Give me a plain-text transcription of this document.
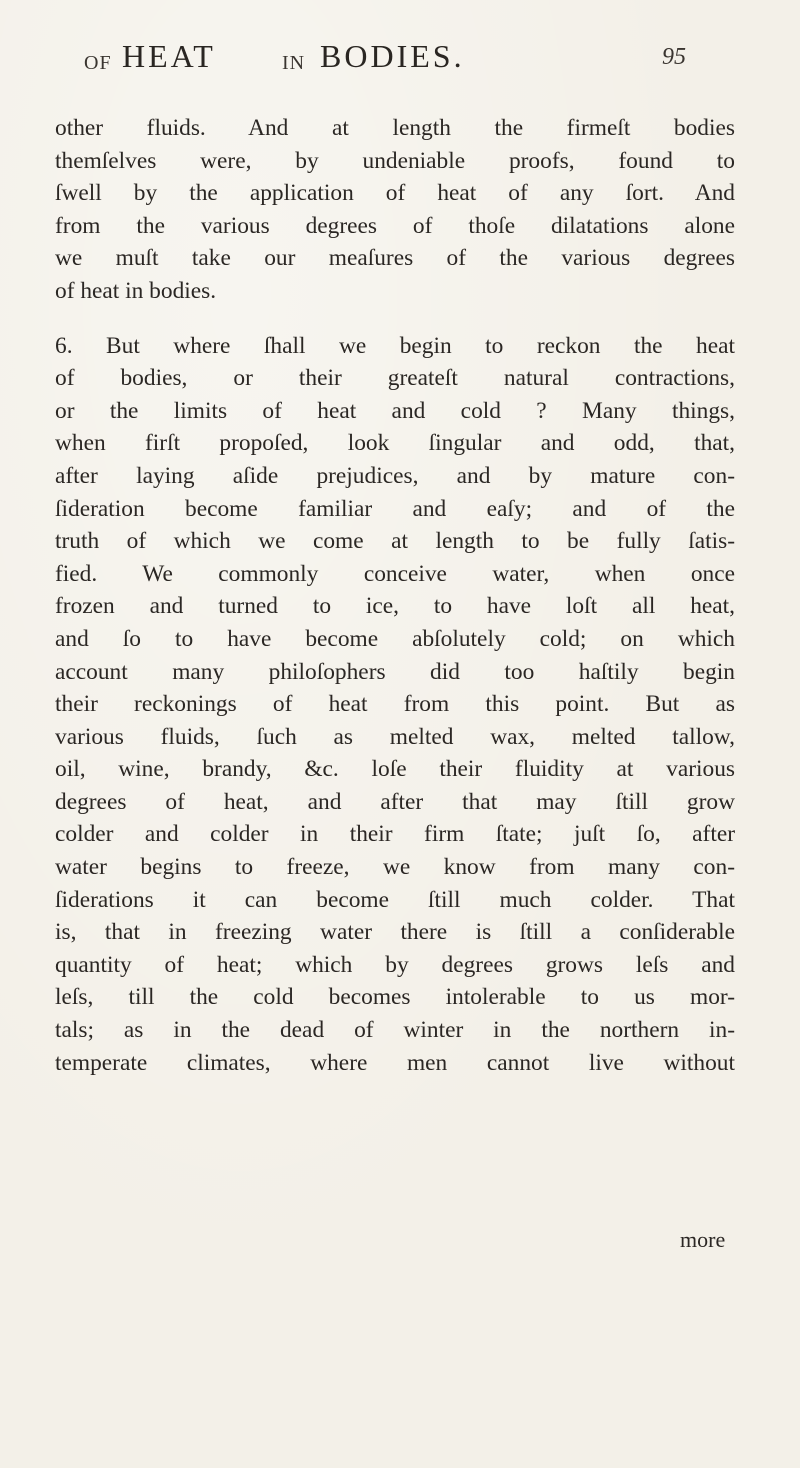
OF HEAT	IN BODIES.	95
other fluids. And at length the firmeſt bodies
themſelves were, by undeniable proofs, found to
ſwell by the application of heat of any ſort. And
from the various degrees of thoſe dilatations alone
we muſt take our meaſures of the various degrees
of heat in bodies.
6. But where ſhall we begin to reckon the heat
of bodies, or their greateſt natural contractions,
or the limits of heat and cold ? Many things,
when firſt propoſed, look ſingular and odd, that,
after laying aſide prejudices, and by mature con-
ſideration become familiar and eaſy; and of the
truth of which we come at length to be fully ſatis-
fied. We commonly conceive water, when once
frozen and turned to ice, to have loſt all heat,
and ſo to have become abſolutely cold; on which
account many philoſophers did too haſtily begin
their reckonings of heat from this point. But as
various fluids, ſuch as melted wax, melted tallow,
oil, wine, brandy, &c. loſe their fluidity at various
degrees of heat, and after that may ſtill grow
colder and colder in their firm ſtate; juſt ſo, after
water begins to freeze, we know from many con-
ſiderations it can become ſtill much colder. That
is, that in freezing water there is ſtill a conſiderable
quantity of heat; which by degrees grows leſs and
leſs, till the cold becomes intolerable to us mor-
tals; as in the dead of winter in the northern in-
temperate climates, where men cannot live without
more
